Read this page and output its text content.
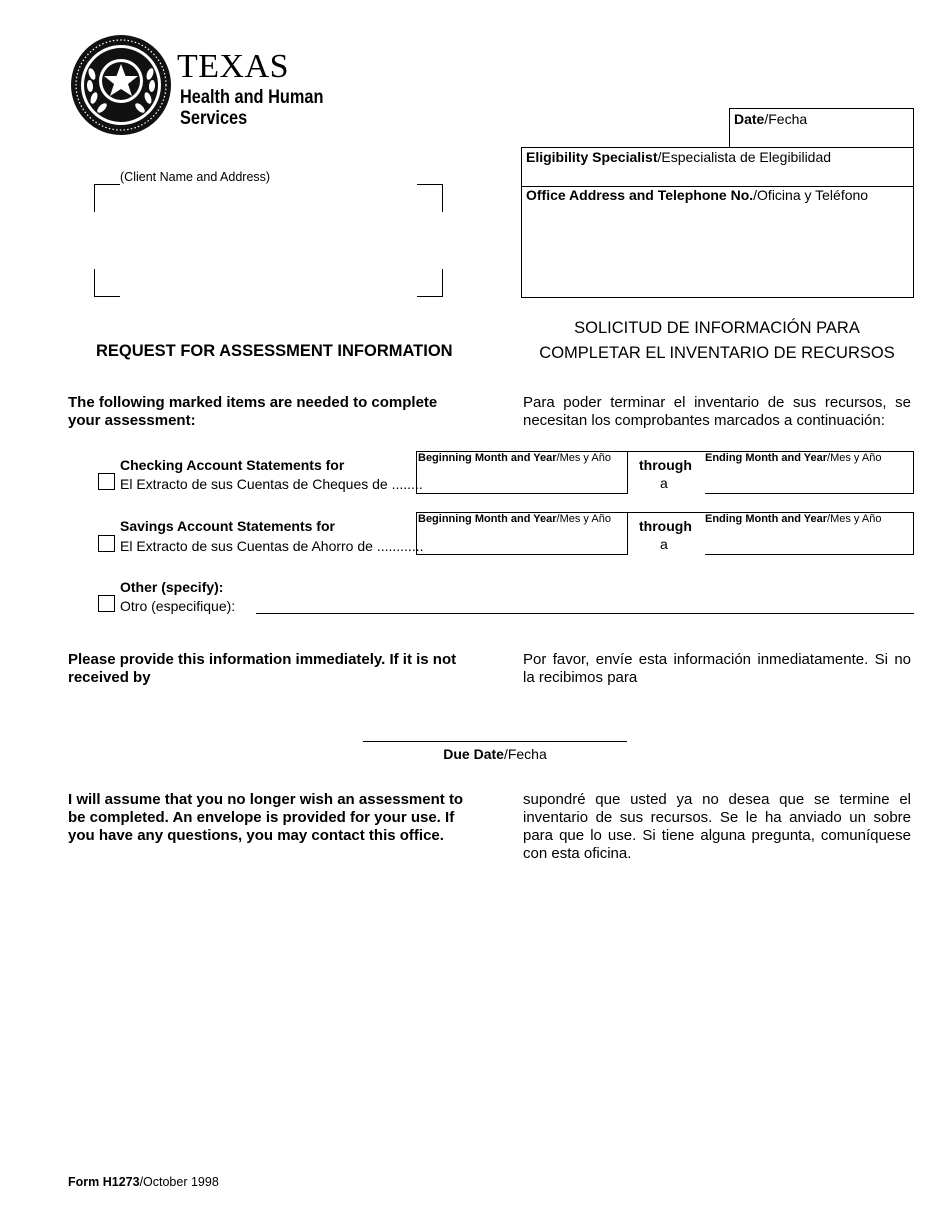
TEXAS
Health and Human
Services	Date/Fecha
Eligibility Specialist/Especialista de Elegibilidad
Office Address and Telephone No./Oficina y Teléfono
(Client Name and Address)
REQUEST FOR ASSESSMENT INFORMATION
SOLICITUD DE INFORMACIÓN PARA
COMPLETAR EL INVENTARIO DE RECURSOS
The following marked items are needed to complete your assessment:
Para poder terminar el inventario de sus recursos, se necesitan los comprobantes marcados a continuación:
Checking Account Statements for
El Extracto de sus Cuentas de Cheques de ........
Beginning Month and Year/Mes y Año through
a
Ending Month and Year/Mes y Año
Savings Account Statements for
El Extracto de sus Cuentas de Ahorro de ............
Beginning Month and Year/Mes y Año through
a
Ending Month and Year/Mes y Año
Other (specify):
Otro (especifique):
Please provide this information immediately. If it is not received by
Por favor, envíe esta información inmediatamente. Si no la recibimos para
Due Date/Fecha
I will assume that you no longer wish an assessment to be completed. An envelope is provided for your use. If you have any questions, you may contact this office.
supondré que usted ya no desea que se termine el inventario de sus recursos. Se le ha anviado un sobre para que lo use. Si tiene alguna pregunta, comuníquese con esta oficina.
Form H1273/October 1998
